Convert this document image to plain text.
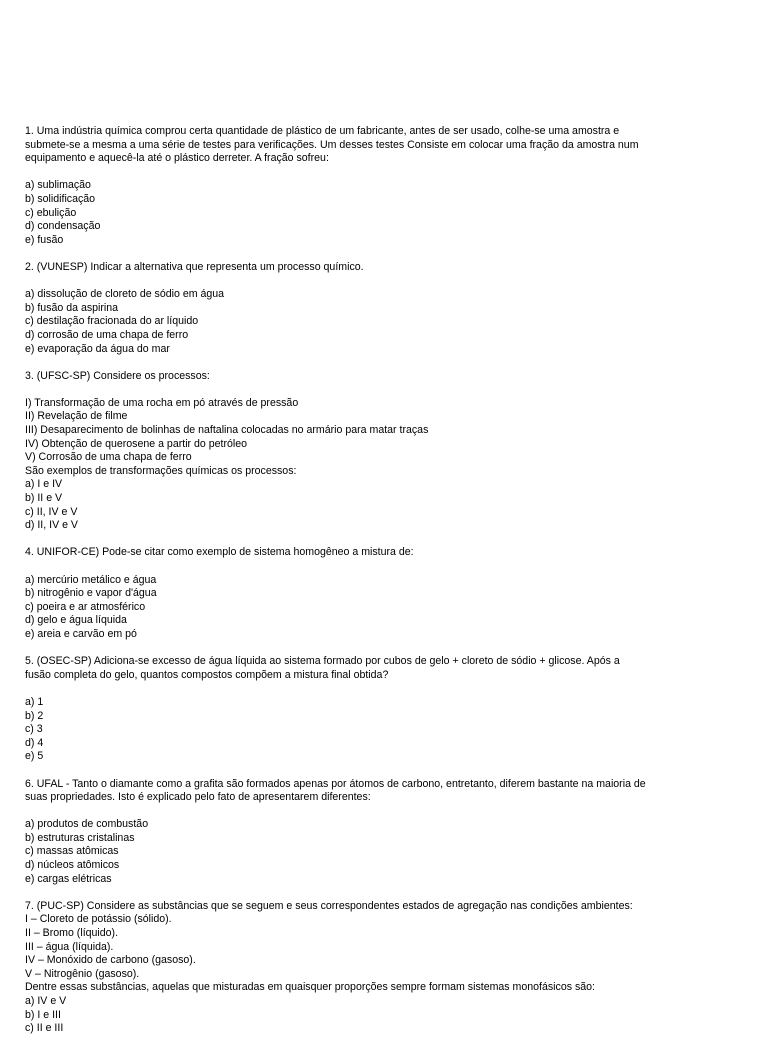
1. Uma indústria química comprou certa quantidade de plástico de um fabricante, antes de ser usado, colhe-se uma amostra e
submete-se a mesma a uma série de testes para verificações. Um desses testes Consiste em colocar uma fração da amostra num
equipamento e aquecê-la até o plástico derreter. A fração sofreu:
a) sublimação
b) solidificação
c) ebulição
d) condensação
e) fusão
2. (VUNESP) Indicar a alternativa que representa um processo químico.
a) dissolução de cloreto de sódio em água
b) fusão da aspirina
c) destilação fracionada do ar líquido
d) corrosão de uma chapa de ferro
e) evaporação da água do mar
3. (UFSC-SP) Considere os processos:
I) Transformação de uma rocha em pó através de pressão
II) Revelação de filme
III) Desaparecimento de bolinhas de naftalina colocadas no armário para matar traças
IV) Obtenção de querosene a partir do petróleo
V) Corrosão de uma chapa de ferro
São exemplos de transformações químicas os processos:
a) I e IV
b) II e V
c) II, IV e V
d) II, IV e V
4. UNIFOR-CE) Pode-se citar como exemplo de sistema homogêneo a mistura de:
a) mercúrio metálico e água
b) nitrogênio e vapor d'água
c) poeira e ar atmosférico
d) gelo e água líquida
e) areia e carvão em pó
5. (OSEC-SP) Adiciona-se excesso de água líquida ao sistema formado por cubos de gelo + cloreto de sódio + glicose. Após a
fusão completa do gelo, quantos compostos compõem a mistura final obtida?
a) 1
b) 2
c) 3
d) 4
e) 5
6. UFAL - Tanto o diamante como a grafita são formados apenas por átomos de carbono, entretanto, diferem bastante na maioria de
suas propriedades. Isto é explicado pelo fato de apresentarem diferentes:
a) produtos de combustão
b) estruturas cristalinas
c) massas atômicas
d) núcleos atômicos
e) cargas elétricas
7. (PUC-SP) Considere as substâncias que se seguem e seus correspondentes estados de agregação nas condições ambientes:
I – Cloreto de potássio (sólido).
II – Bromo (líquido).
III – água (líquida).
IV – Monóxido de carbono (gasoso).
V – Nitrogênio (gasoso).
Dentre essas substâncias, aquelas que misturadas em quaisquer proporções sempre formam sistemas monofásicos são:
a) IV e V
b) I e III
c) II e III
